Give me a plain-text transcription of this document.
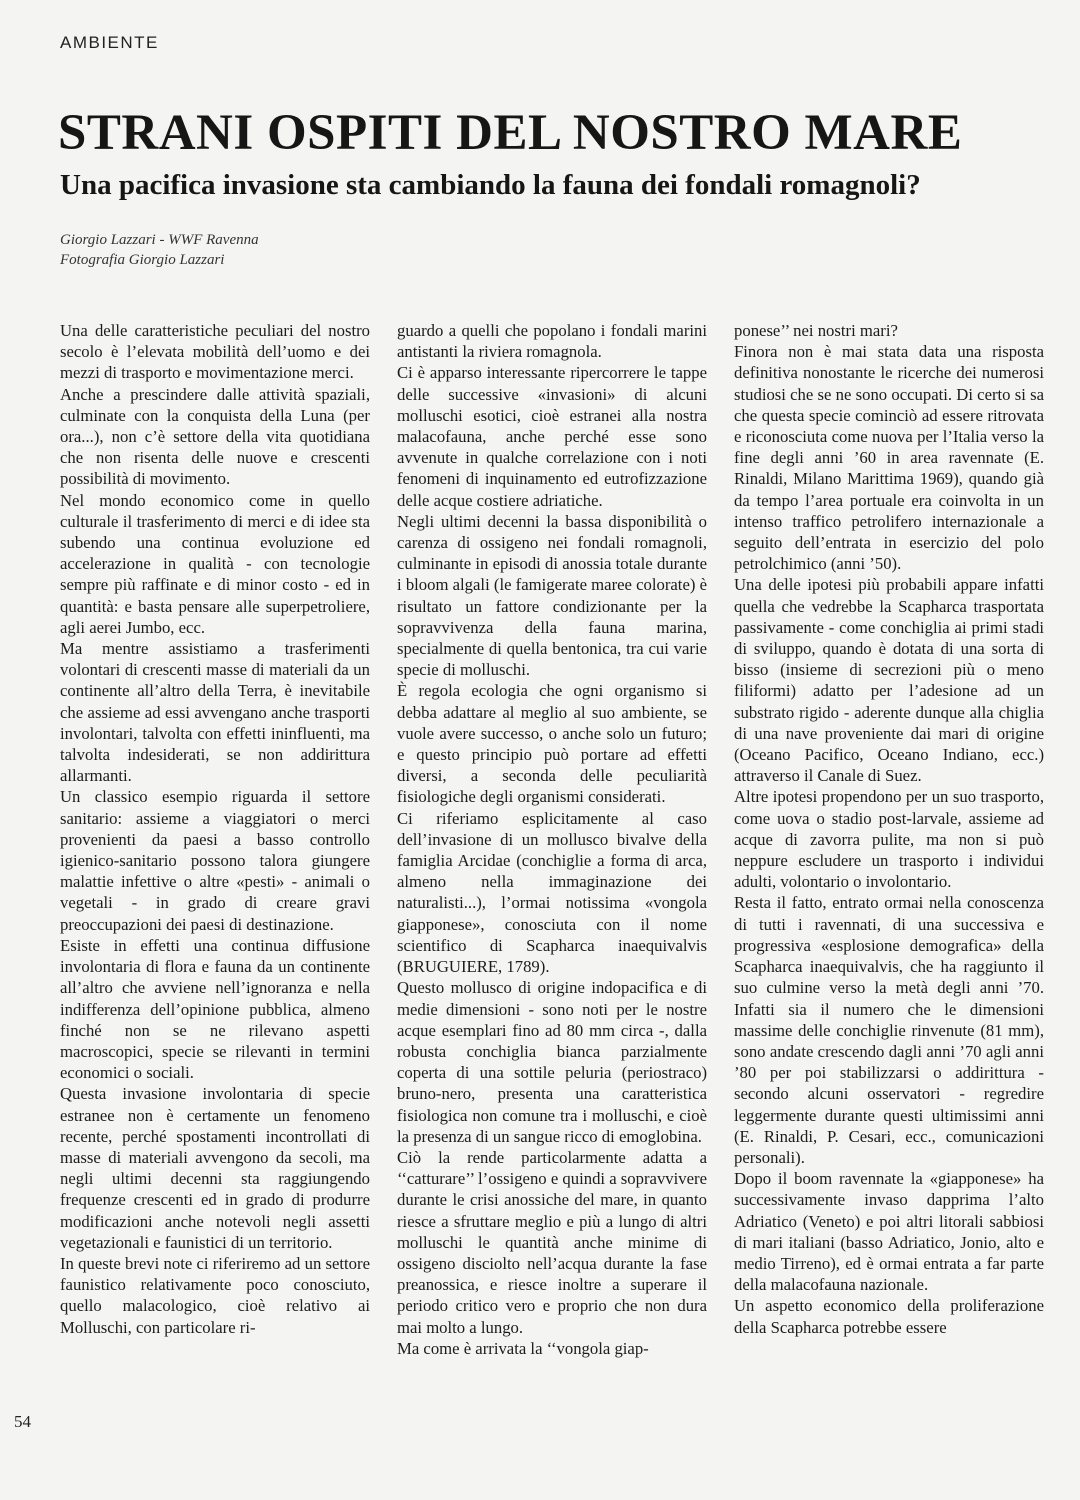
AMBIENTE
STRANI OSPITI DEL NOSTRO MARE
Una pacifica invasione sta cambiando la fauna dei fondali romagnoli?
Giorgio Lazzari - WWF Ravenna
Fotografia Giorgio Lazzari

Una delle caratteristiche peculiari del nostro secolo è l’elevata mobilità dell’uomo e dei mezzi di trasporto e movimentazione merci.

Anche a prescindere dalle attività spaziali, culminate con la conquista della Luna (per ora...), non c’è settore della vita quotidiana che non risenta delle nuove e crescenti possibilità di movimento.

Nel mondo economico come in quello culturale il trasferimento di merci e di idee sta subendo una continua evoluzione ed accelerazione in qualità - con tecnologie sempre più raffinate e di minor costo - ed in quantità: e basta pensare alle superpetroliere, agli aerei Jumbo, ecc.

Ma mentre assistiamo a trasferimenti volontari di crescenti masse di materiali da un continente all’altro della Terra, è inevitabile che assieme ad essi avvengano anche trasporti involontari, talvolta con effetti ininfluenti, ma talvolta indesiderati, se non addirittura allarmanti.

Un classico esempio riguarda il settore sanitario: assieme a viaggiatori o merci provenienti da paesi a basso controllo igienico-sanitario possono talora giungere malattie infettive o altre «pesti» - animali o vegetali - in grado di creare gravi preoccupazioni dei paesi di destinazione.

Esiste in effetti una continua diffusione involontaria di flora e fauna da un continente all’altro che avviene nell’ignoranza e nella indifferenza dell’opinione pubblica, almeno finché non se ne rilevano aspetti macroscopici, specie se rilevanti in termini economici o sociali.

Questa invasione involontaria di specie estranee non è certamente un fenomeno recente, perché spostamenti incontrollati di masse di materiali avvengono da secoli, ma negli ultimi decenni sta raggiungendo frequenze crescenti ed in grado di produrre modificazioni anche notevoli negli assetti vegetazionali e faunistici di un territorio.

In queste brevi note ci riferiremo ad un settore faunistico relativamente poco conosciuto, quello malacologico, cioè relativo ai Molluschi, con particolare ri-

guardo a quelli che popolano i fondali marini antistanti la riviera romagnola.

Ci è apparso interessante ripercorrere le tappe delle successive «invasioni» di alcuni molluschi esotici, cioè estranei alla nostra malacofauna, anche perché esse sono avvenute in qualche correlazione con i noti fenomeni di inquinamento ed eutrofizzazione delle acque costiere adriatiche.

Negli ultimi decenni la bassa disponibilità o carenza di ossigeno nei fondali romagnoli, culminante in episodi di anossia totale durante i bloom algali (le famigerate maree colorate) è risultato un fattore condizionante per la sopravvivenza della fauna marina, specialmente di quella bentonica, tra cui varie specie di molluschi.

È regola ecologia che ogni organismo si debba adattare al meglio al suo ambiente, se vuole avere successo, o anche solo un futuro; e questo principio può portare ad effetti diversi, a seconda delle peculiarità fisiologiche degli organismi considerati.

Ci riferiamo esplicitamente al caso dell’invasione di un mollusco bivalve della famiglia Arcidae (conchiglie a forma di arca, almeno nella immaginazione dei naturalisti...), l’ormai notissima «vongola giapponese», conosciuta con il nome scientifico di Scapharca inaequivalvis (BRUGUIERE, 1789).

Questo mollusco di origine indopacifica e di medie dimensioni - sono noti per le nostre acque esemplari fino ad 80 mm circa -, dalla robusta conchiglia bianca parzialmente coperta di una sottile peluria (periostraco) bruno-nero, presenta una caratteristica fisiologica non comune tra i molluschi, e cioè la presenza di un sangue ricco di emoglobina.

Ciò la rende particolarmente adatta a ‘‘catturare’’ l’ossigeno e quindi a sopravvivere durante le crisi anossiche del mare, in quanto riesce a sfruttare meglio e più a lungo di altri molluschi le quantità anche minime di ossigeno disciolto nell’acqua durante la fase preanossica, e riesce inoltre a superare il periodo critico vero e proprio che non dura mai molto a lungo.

Ma come è arrivata la ‘‘vongola giap-

ponese’’ nei nostri mari?

Finora non è mai stata data una risposta definitiva nonostante le ricerche dei numerosi studiosi che se ne sono occupati. Di certo si sa che questa specie cominciò ad essere ritrovata e riconosciuta come nuova per l’Italia verso la fine degli anni ’60 in area ravennate (E. Rinaldi, Milano Marittima 1969), quando già da tempo l’area portuale era coinvolta in un intenso traffico petrolifero internazionale a seguito dell’entrata in esercizio del polo petrolchimico (anni ’50).

Una delle ipotesi più probabili appare infatti quella che vedrebbe la Scapharca trasportata passivamente - come conchiglia ai primi stadi di sviluppo, quando è dotata di una sorta di bisso (insieme di secrezioni più o meno filiformi) adatto per l’adesione ad un substrato rigido - aderente dunque alla chiglia di una nave proveniente dai mari di origine (Oceano Pacifico, Oceano Indiano, ecc.) attraverso il Canale di Suez.

Altre ipotesi propendono per un suo trasporto, come uova o stadio post-larvale, assieme ad acque di zavorra pulite, ma non si può neppure escludere un trasporto i individui adulti, volontario o involontario.

Resta il fatto, entrato ormai nella conoscenza di tutti i ravennati, di una successiva e progressiva «esplosione demografica» della Scapharca inaequivalvis, che ha raggiunto il suo culmine verso la metà degli anni ’70. Infatti sia il numero che le dimensioni massime delle conchiglie rinvenute (81 mm), sono andate crescendo dagli anni ’70 agli anni ’80 per poi stabilizzarsi o addirittura - secondo alcuni osservatori - regredire leggermente durante questi ultimissimi anni (E. Rinaldi, P. Cesari, ecc., comunicazioni personali).

Dopo il boom ravennate la «giapponese» ha successivamente invaso dapprima l’alto Adriatico (Veneto) e poi altri litorali sabbiosi di mari italiani (basso Adriatico, Jonio, alto e medio Tirreno), ed è ormai entrata a far parte della malacofauna nazionale.

Un aspetto economico della proliferazione della Scapharca potrebbe essere

54
